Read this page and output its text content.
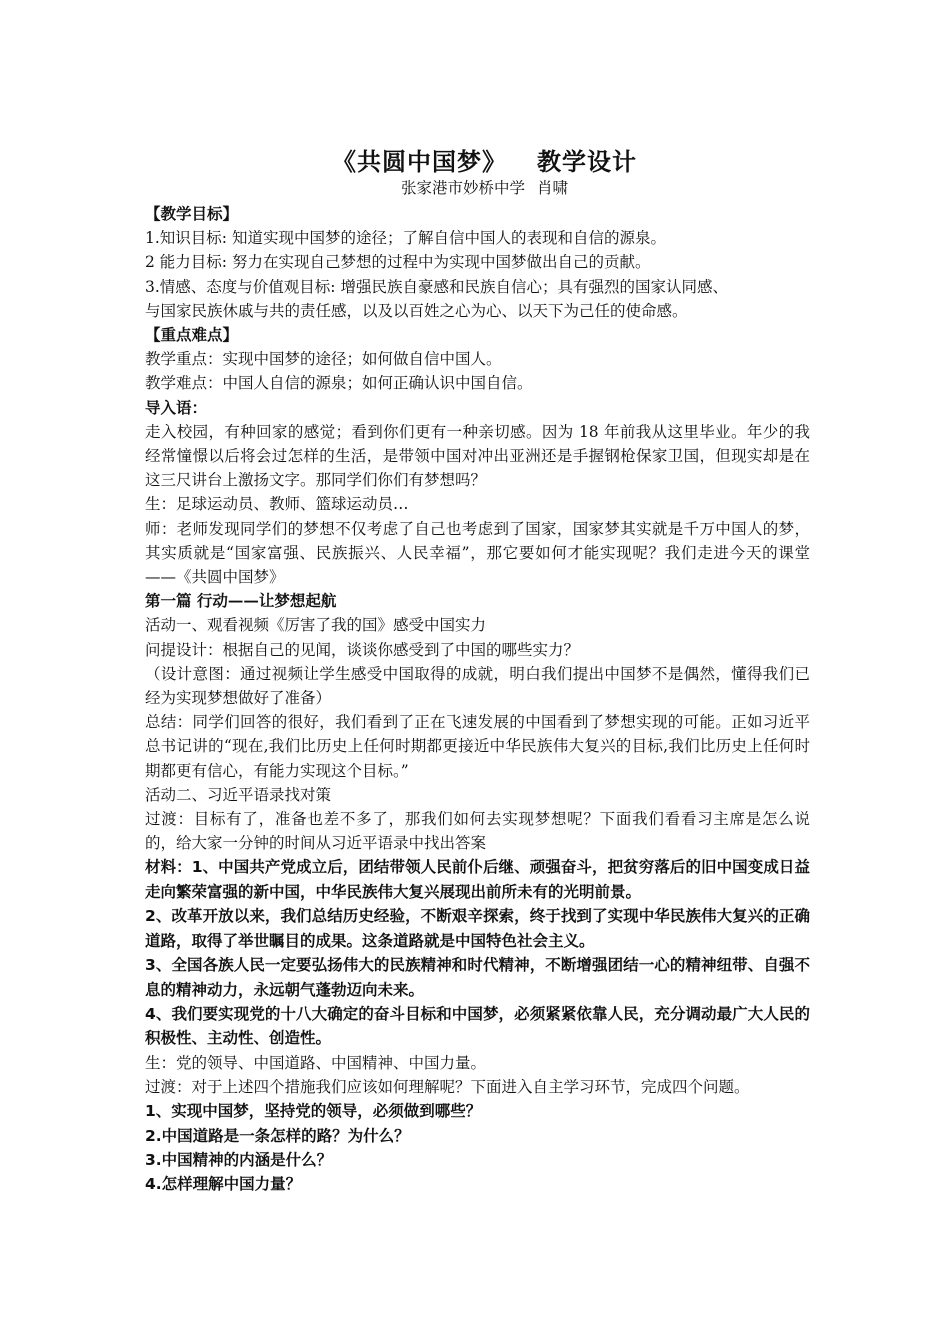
《共圆中国梦》 教学设计
张家港市妙桥中学 肖啸

【教学目标】

1.知识目标: 知道实现中国梦的途径；了解自信中国人的表现和自信的源泉。

2 能力目标: 努力在实现自己梦想的过程中为实现中国梦做出自己的贡献。

3.情感、态度与价值观目标: 增强民族自豪感和民族自信心；具有强烈的国家认同感、

与国家民族休戚与共的责任感，以及以百姓之心为心、以天下为己任的使命感。

【重点难点】

教学重点：实现中国梦的途径；如何做自信中国人。

教学难点：中国人自信的源泉；如何正确认识中国自信。

导入语：

走入校园，有种回家的感觉；看到你们更有一种亲切感。因为 18 年前我从这里毕业。年少的我经常憧憬以后将会过怎样的生活，是带领中国对冲出亚洲还是手握钢枪保家卫国，但现实却是在这三尺讲台上激扬文字。那同学们你们有梦想吗？

生：足球运动员、教师、篮球运动员…

师：老师发现同学们的梦想不仅考虑了自己也考虑到了国家，国家梦其实就是千万中国人的梦，其实质就是“国家富强、民族振兴、人民幸福”，那它要如何才能实现呢？我们走进今天的课堂——《共圆中国梦》

第一篇 行动——让梦想起航

活动一、观看视频《厉害了我的国》感受中国实力

问提设计：根据自己的见闻，谈谈你感受到了中国的哪些实力？

（设计意图：通过视频让学生感受中国取得的成就，明白我们提出中国梦不是偶然，懂得我们已经为实现梦想做好了准备）

总结：同学们回答的很好，我们看到了正在飞速发展的中国看到了梦想实现的可能。正如习近平总书记讲的“现在,我们比历史上任何时期都更接近中华民族伟大复兴的目标,我们比历史上任何时期都更有信心，有能力实现这个目标。”

活动二、习近平语录找对策

过渡：目标有了，准备也差不多了，那我们如何去实现梦想呢？下面我们看看习主席是怎么说的，给大家一分钟的时间从习近平语录中找出答案

材料：1、中国共产党成立后，团结带领人民前仆后继、顽强奋斗，把贫穷落后的旧中国变成日益走向繁荣富强的新中国，中华民族伟大复兴展现出前所未有的光明前景。

2、改革开放以来，我们总结历史经验，不断艰辛探索，终于找到了实现中华民族伟大复兴的正确道路，取得了举世瞩目的成果。这条道路就是中国特色社会主义。

3、全国各族人民一定要弘扬伟大的民族精神和时代精神，不断增强团结一心的精神纽带、自强不息的精神动力，永远朝气蓬勃迈向未来。

4、我们要实现党的十八大确定的奋斗目标和中国梦，必须紧紧依靠人民，充分调动最广大人民的积极性、主动性、创造性。

生：党的领导、中国道路、中国精神、中国力量。

过渡：对于上述四个措施我们应该如何理解呢？下面进入自主学习环节，完成四个问题。

1、实现中国梦，坚持党的领导，必须做到哪些？

2.中国道路是一条怎样的路？为什么？

3.中国精神的内涵是什么？

4.怎样理解中国力量？
